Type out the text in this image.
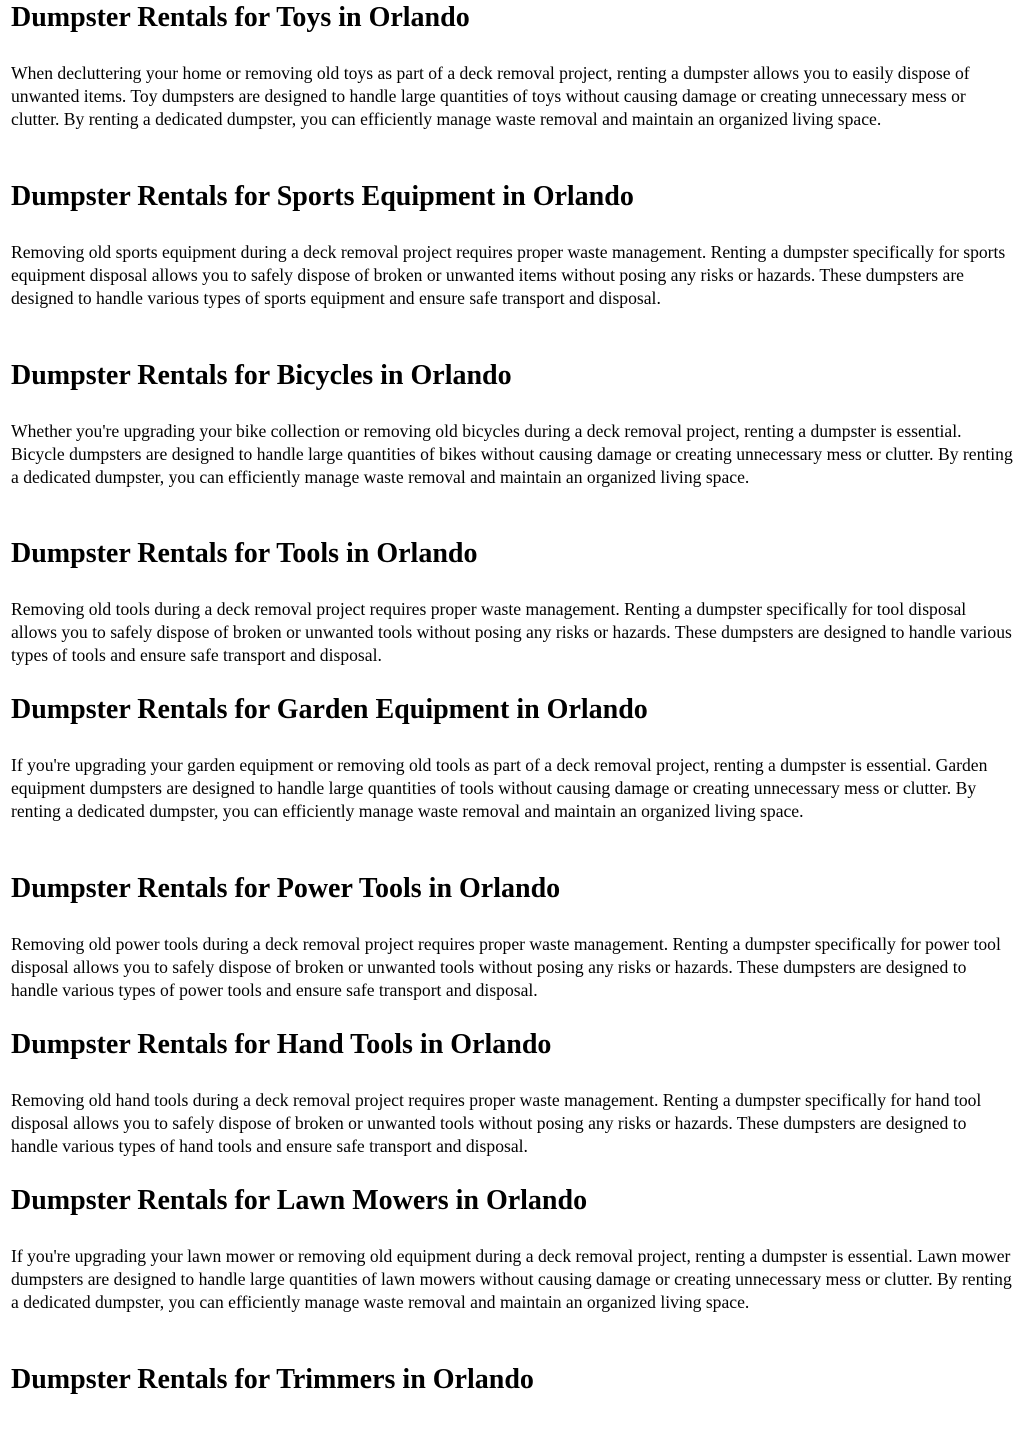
Dumpster Rentals for Toys in Orlando

When decluttering your home or removing old toys as part of a deck removal project, renting a dumpster allows you to easily dispose of unwanted items. Toy dumpsters are designed to handle large quantities of toys without causing damage or creating unnecessary mess or clutter. By renting a dedicated dumpster, you can efficiently manage waste removal and maintain an organized living space.

Dumpster Rentals for Sports Equipment in Orlando

Removing old sports equipment during a deck removal project requires proper waste management. Renting a dumpster specifically for sports equipment disposal allows you to safely dispose of broken or unwanted items without posing any risks or hazards. These dumpsters are designed to handle various types of sports equipment and ensure safe transport and disposal.

Dumpster Rentals for Bicycles in Orlando

Whether you're upgrading your bike collection or removing old bicycles during a deck removal project, renting a dumpster is essential. Bicycle dumpsters are designed to handle large quantities of bikes without causing damage or creating unnecessary mess or clutter. By renting a dedicated dumpster, you can efficiently manage waste removal and maintain an organized living space.

Dumpster Rentals for Tools in Orlando

Removing old tools during a deck removal project requires proper waste management. Renting a dumpster specifically for tool disposal allows you to safely dispose of broken or unwanted tools without posing any risks or hazards. These dumpsters are designed to handle various types of tools and ensure safe transport and disposal.

Dumpster Rentals for Garden Equipment in Orlando

If you're upgrading your garden equipment or removing old tools as part of a deck removal project, renting a dumpster is essential. Garden equipment dumpsters are designed to handle large quantities of tools without causing damage or creating unnecessary mess or clutter. By renting a dedicated dumpster, you can efficiently manage waste removal and maintain an organized living space.

Dumpster Rentals for Power Tools in Orlando

Removing old power tools during a deck removal project requires proper waste management. Renting a dumpster specifically for power tool disposal allows you to safely dispose of broken or unwanted tools without posing any risks or hazards. These dumpsters are designed to handle various types of power tools and ensure safe transport and disposal.

Dumpster Rentals for Hand Tools in Orlando

Removing old hand tools during a deck removal project requires proper waste management. Renting a dumpster specifically for hand tool disposal allows you to safely dispose of broken or unwanted tools without posing any risks or hazards. These dumpsters are designed to handle various types of hand tools and ensure safe transport and disposal.

Dumpster Rentals for Lawn Mowers in Orlando

If you're upgrading your lawn mower or removing old equipment during a deck removal project, renting a dumpster is essential. Lawn mower dumpsters are designed to handle large quantities of lawn mowers without causing damage or creating unnecessary mess or clutter. By renting a dedicated dumpster, you can efficiently manage waste removal and maintain an organized living space.

Dumpster Rentals for Trimmers in Orlando
